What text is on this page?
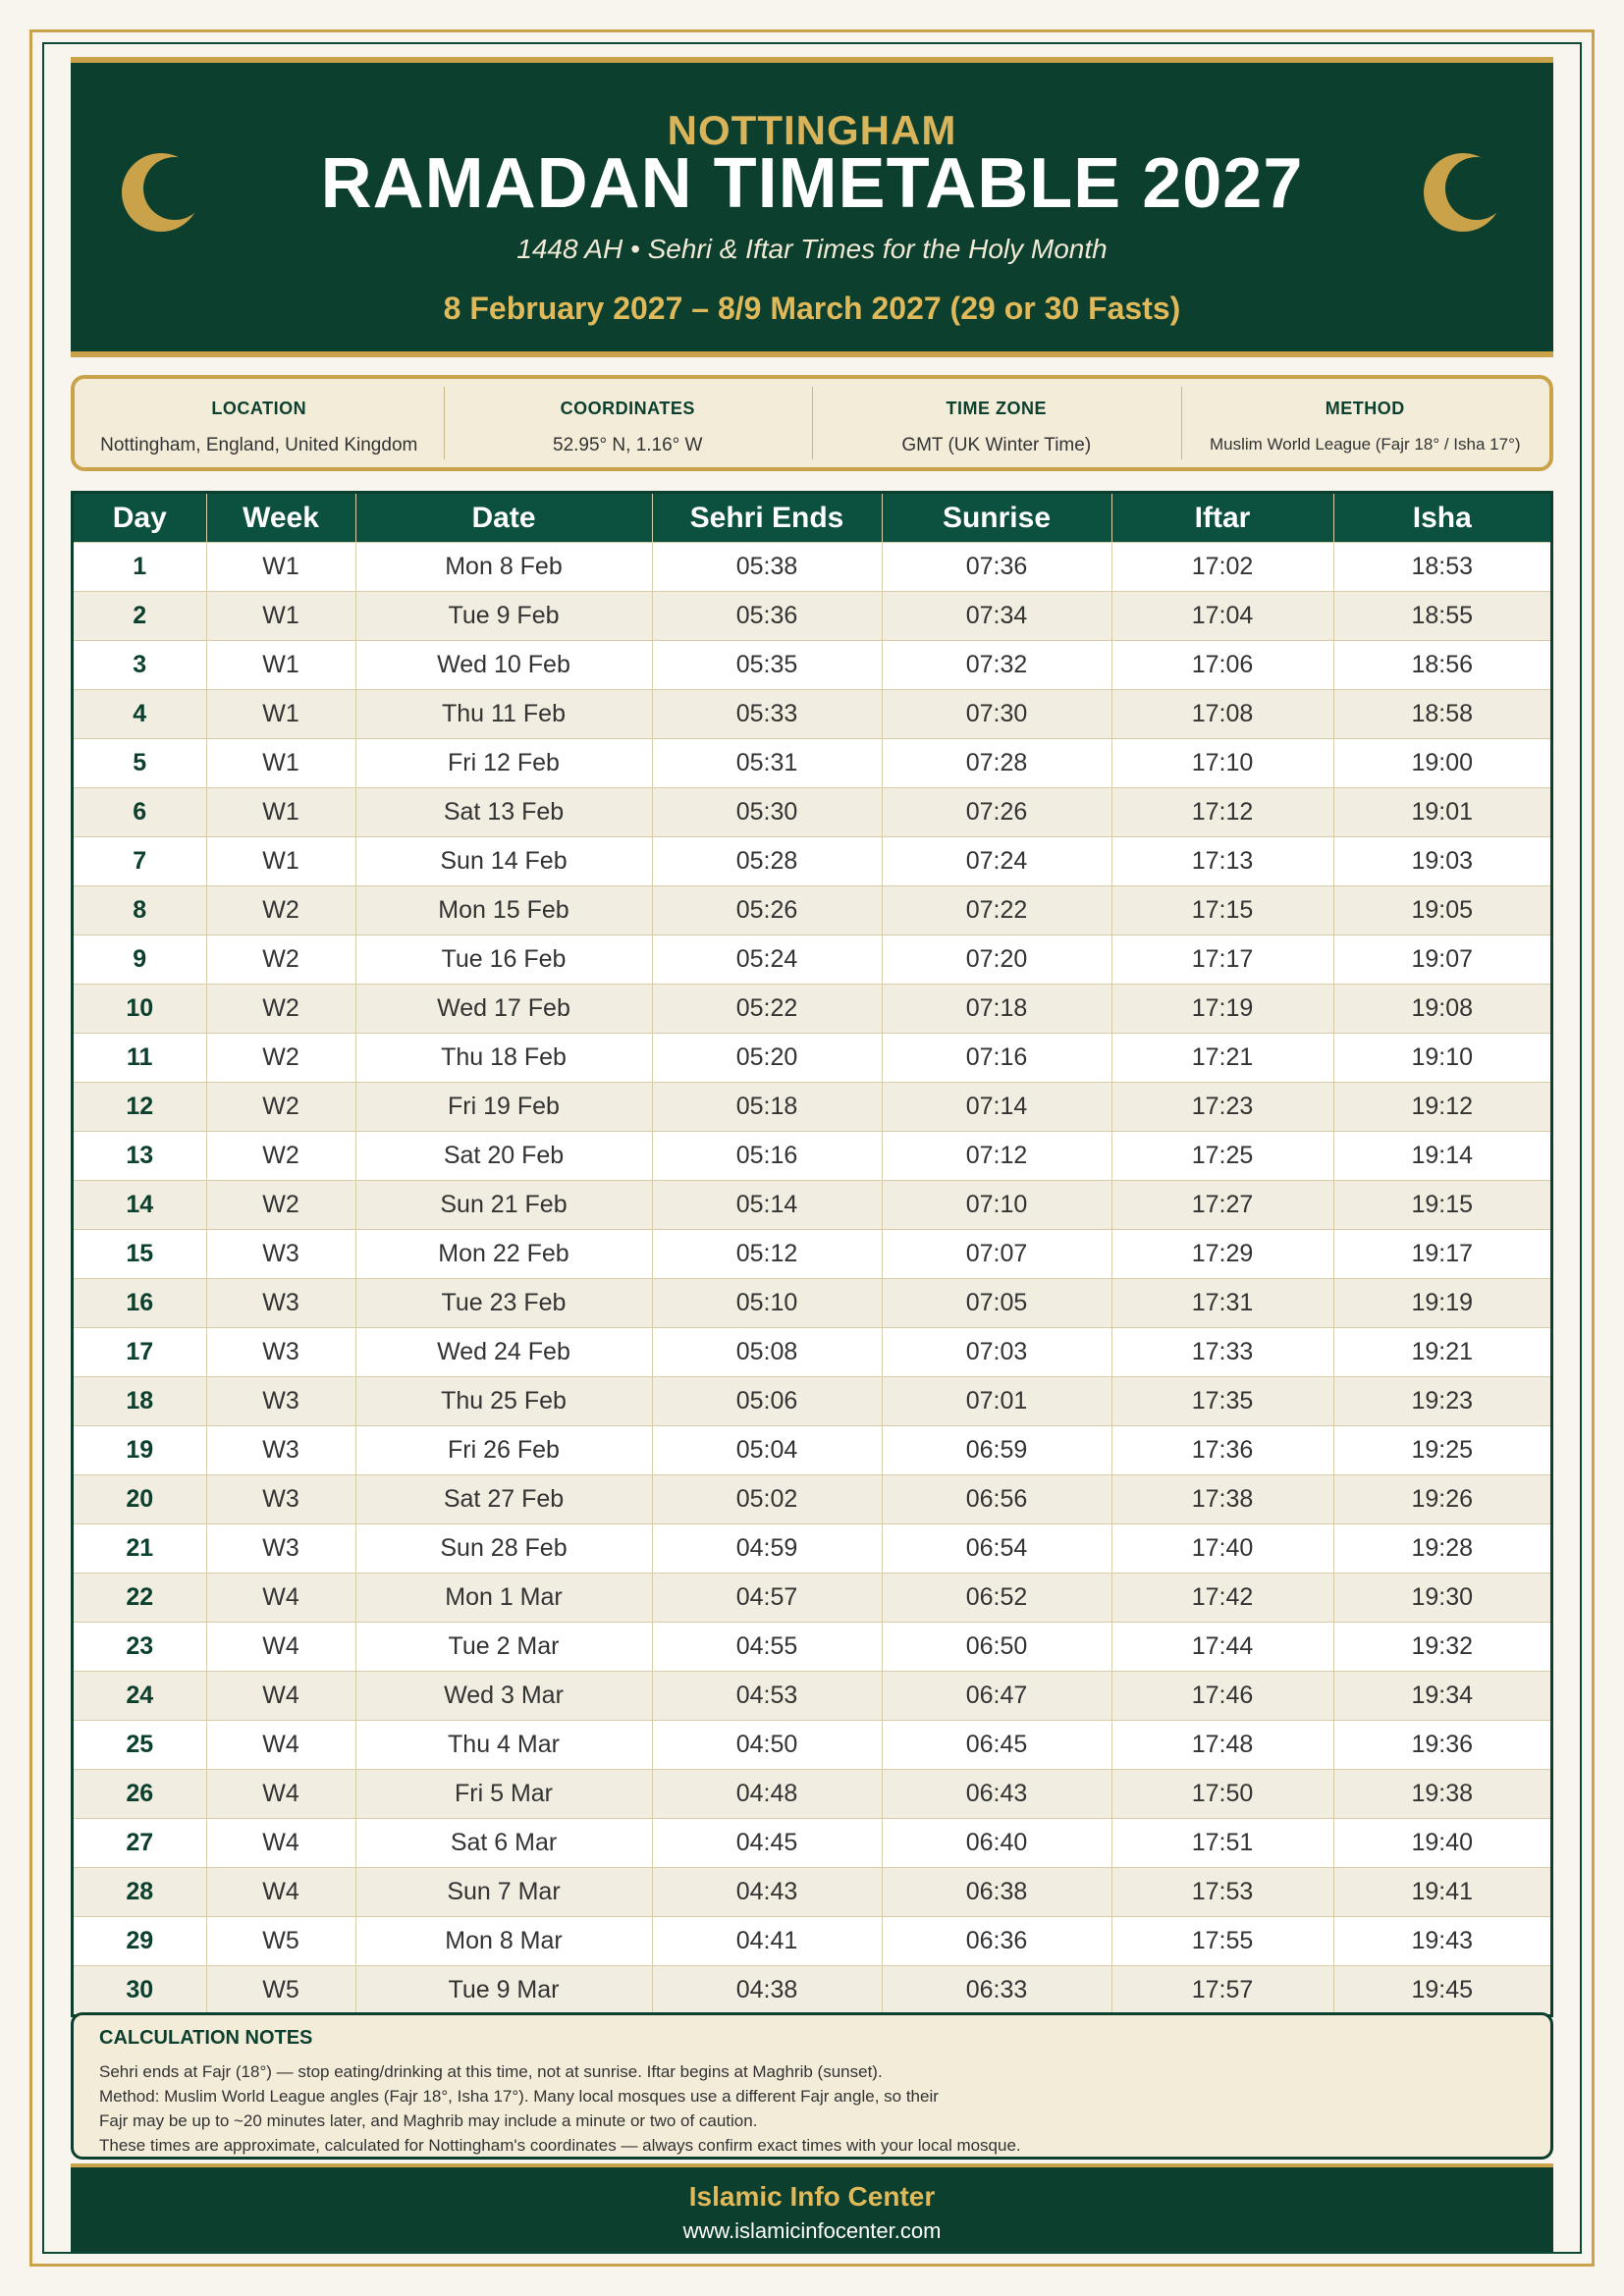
NOTTINGHAM
RAMADAN TIMETABLE 2027
1448 AH • Sehri & Iftar Times for the Holy Month
8 February 2027 – 8/9 March 2027 (29 or 30 Fasts)
LOCATION
Nottingham, England, United Kingdom
COORDINATES
52.95° N, 1.16° W
TIME ZONE
GMT (UK Winter Time)
METHOD
Muslim World League (Fajr 18° / Isha 17°)
Day	Week	Date	Sehri Ends	Sunrise	Iftar	Isha
1	W1	Mon 8 Feb	05:38	07:36	17:02	18:53
2	W1	Tue 9 Feb	05:36	07:34	17:04	18:55
3	W1	Wed 10 Feb	05:35	07:32	17:06	18:56
4	W1	Thu 11 Feb	05:33	07:30	17:08	18:58
5	W1	Fri 12 Feb	05:31	07:28	17:10	19:00
6	W1	Sat 13 Feb	05:30	07:26	17:12	19:01
7	W1	Sun 14 Feb	05:28	07:24	17:13	19:03
8	W2	Mon 15 Feb	05:26	07:22	17:15	19:05
9	W2	Tue 16 Feb	05:24	07:20	17:17	19:07
10	W2	Wed 17 Feb	05:22	07:18	17:19	19:08
11	W2	Thu 18 Feb	05:20	07:16	17:21	19:10
12	W2	Fri 19 Feb	05:18	07:14	17:23	19:12
13	W2	Sat 20 Feb	05:16	07:12	17:25	19:14
14	W2	Sun 21 Feb	05:14	07:10	17:27	19:15
15	W3	Mon 22 Feb	05:12	07:07	17:29	19:17
16	W3	Tue 23 Feb	05:10	07:05	17:31	19:19
17	W3	Wed 24 Feb	05:08	07:03	17:33	19:21
18	W3	Thu 25 Feb	05:06	07:01	17:35	19:23
19	W3	Fri 26 Feb	05:04	06:59	17:36	19:25
20	W3	Sat 27 Feb	05:02	06:56	17:38	19:26
21	W3	Sun 28 Feb	04:59	06:54	17:40	19:28
22	W4	Mon 1 Mar	04:57	06:52	17:42	19:30
23	W4	Tue 2 Mar	04:55	06:50	17:44	19:32
24	W4	Wed 3 Mar	04:53	06:47	17:46	19:34
25	W4	Thu 4 Mar	04:50	06:45	17:48	19:36
26	W4	Fri 5 Mar	04:48	06:43	17:50	19:38
27	W4	Sat 6 Mar	04:45	06:40	17:51	19:40
28	W4	Sun 7 Mar	04:43	06:38	17:53	19:41
29	W5	Mon 8 Mar	04:41	06:36	17:55	19:43
30	W5	Tue 9 Mar	04:38	06:33	17:57	19:45
CALCULATION NOTES
Sehri ends at Fajr (18°) — stop eating/drinking at this time, not at sunrise. Iftar begins at Maghrib (sunset).
Method: Muslim World League angles (Fajr 18°, Isha 17°). Many local mosques use a different Fajr angle, so their
Fajr may be up to ~20 minutes later, and Maghrib may include a minute or two of caution.
These times are approximate, calculated for Nottingham's coordinates — always confirm exact times with your local mosque.
Islamic Info Center
www.islamicinfocenter.com
